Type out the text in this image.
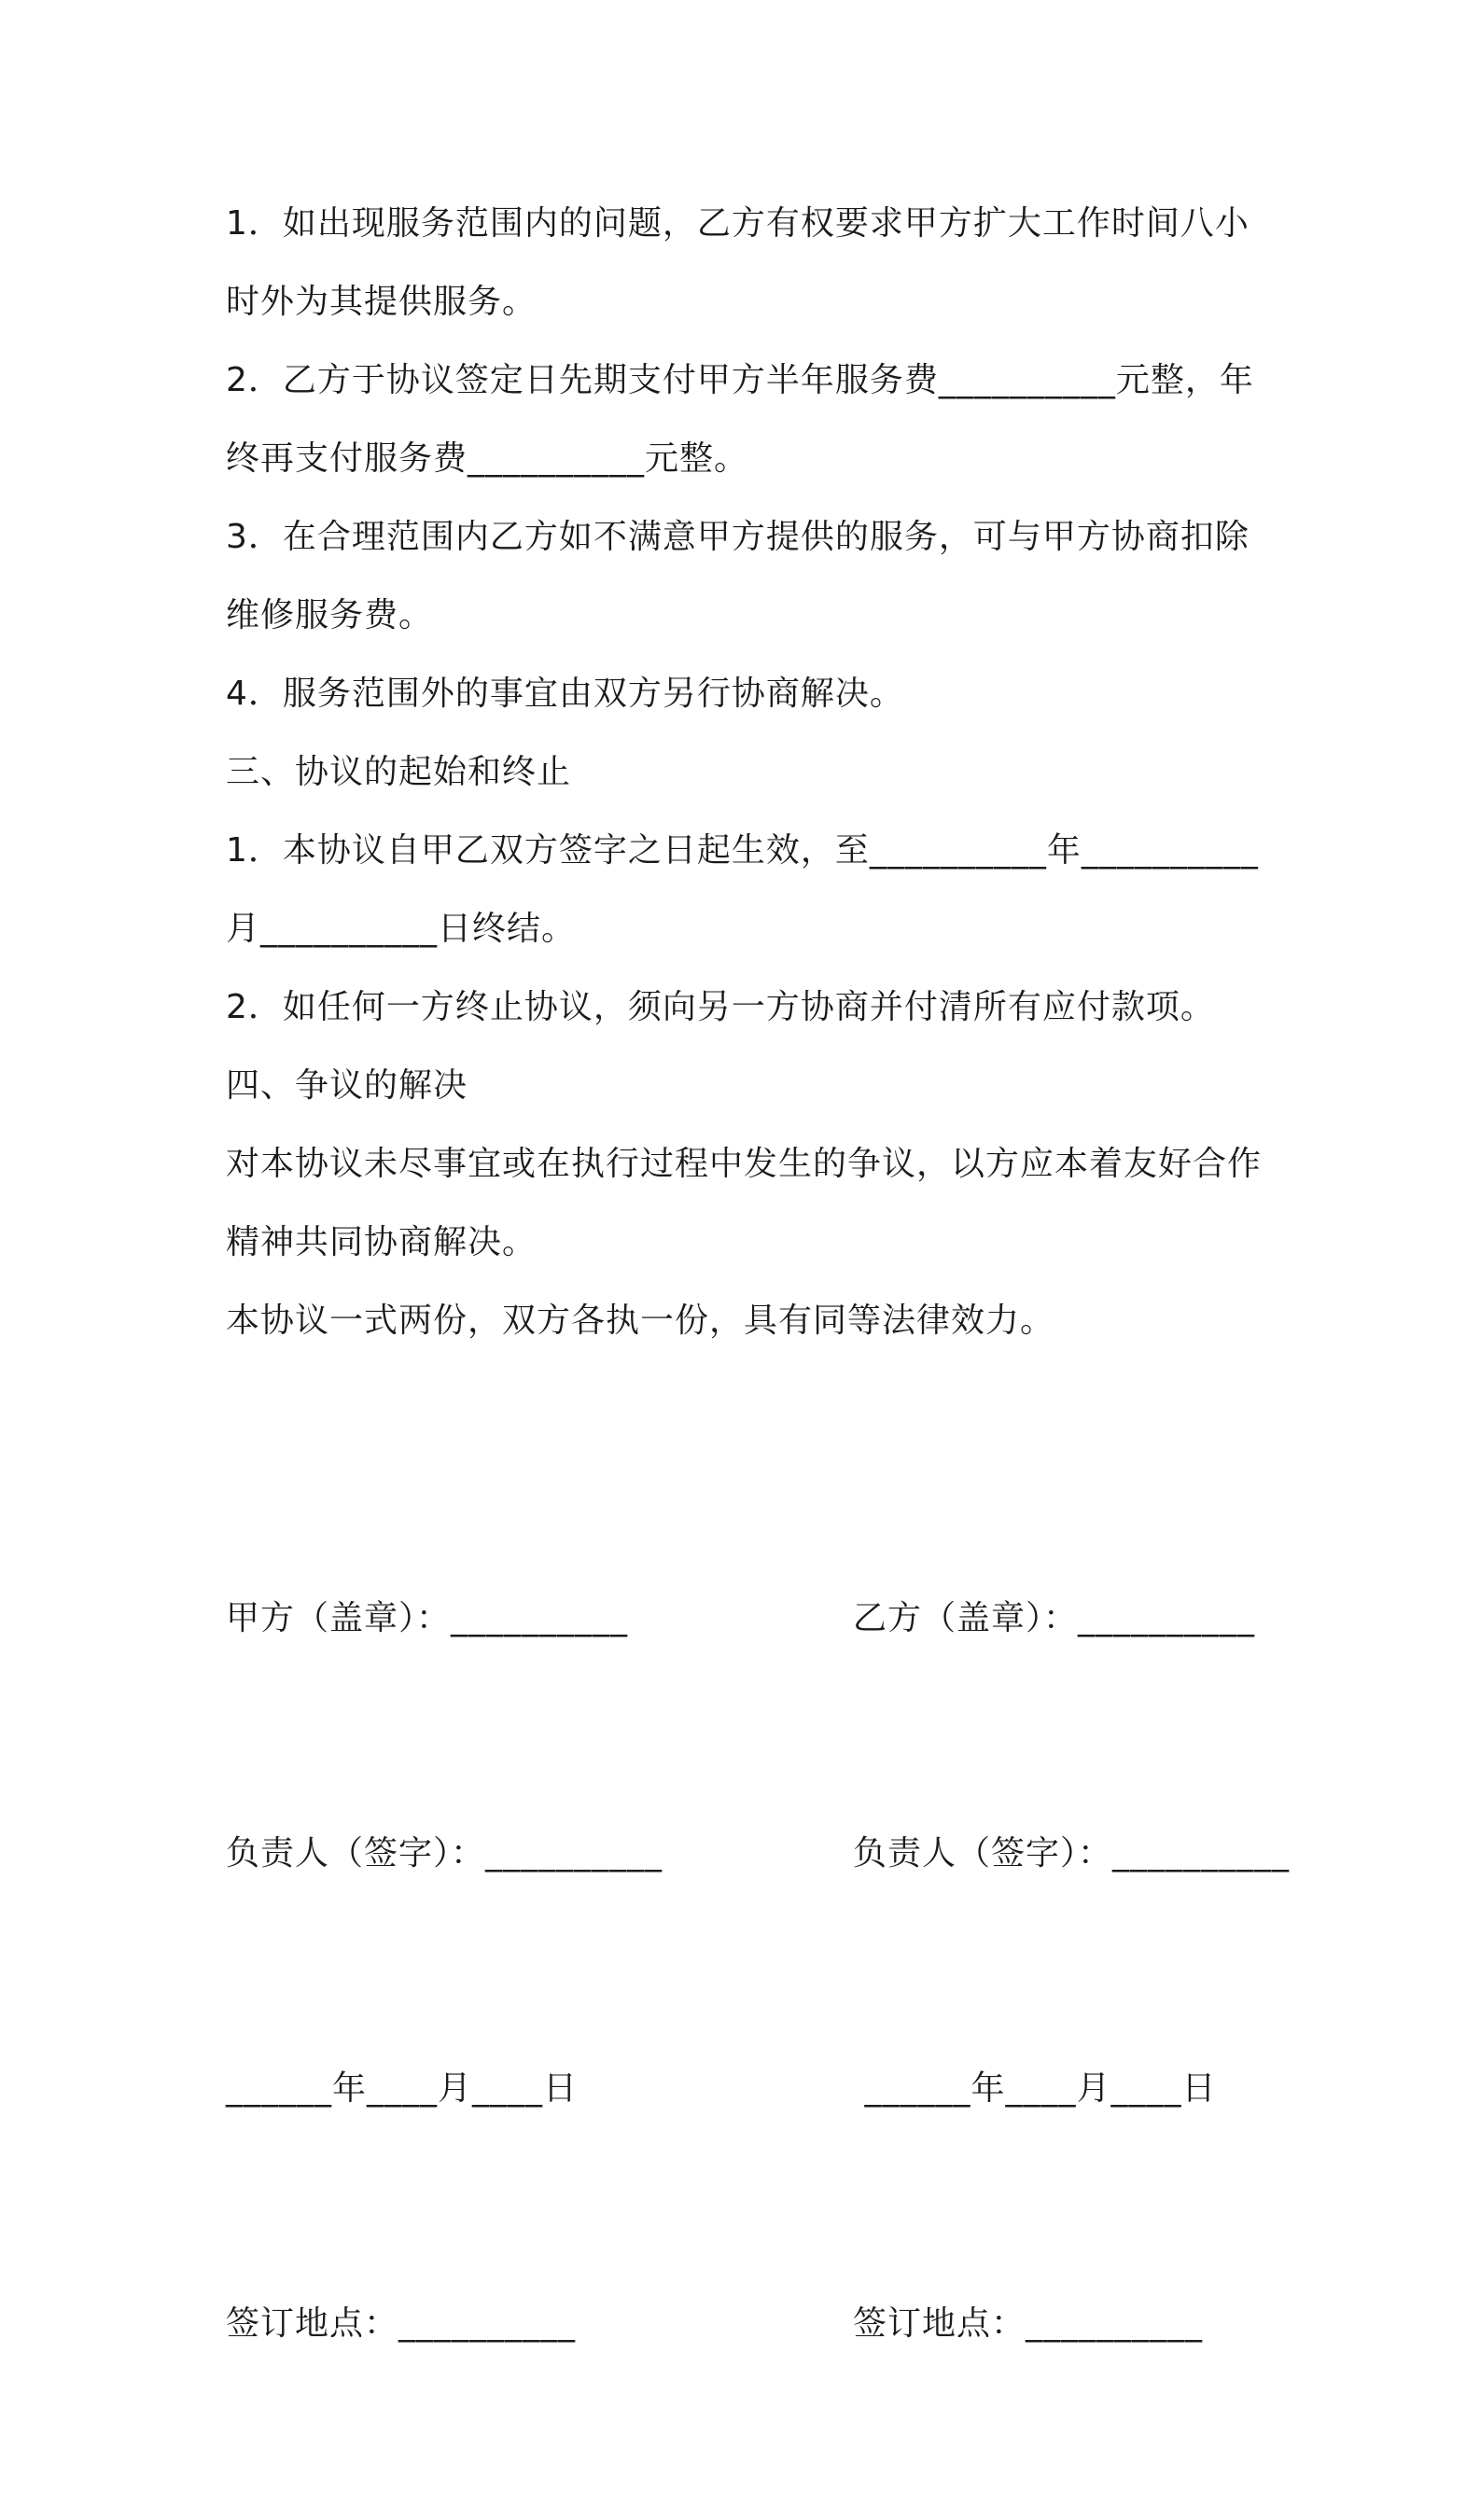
1．如出现服务范围内的问题，乙方有权要求甲方扩大工作时间八小时外为其提供服务。

2．乙方于协议签定日先期支付甲方半年服务费__________元整，年终再支付服务费__________元整。

3．在合理范围内乙方如不满意甲方提供的服务，可与甲方协商扣除维修服务费。

4．服务范围外的事宜由双方另行协商解决。

三、协议的起始和终止

1．本协议自甲乙双方签字之日起生效，至__________年__________月__________日终结。

2．如任何一方终止协议，须向另一方协商并付清所有应付款项。

四、争议的解决

对本协议未尽事宜或在执行过程中发生的争议，以方应本着友好合作精神共同协商解决。

本协议一式两份，双方各执一份，具有同等法律效力。

甲方（盖章）：__________

负责人（签字）：__________

______年____月____日

签订地点：__________

乙方（盖章）：__________

负责人（签字）：__________

______年____月____日

签订地点：__________
